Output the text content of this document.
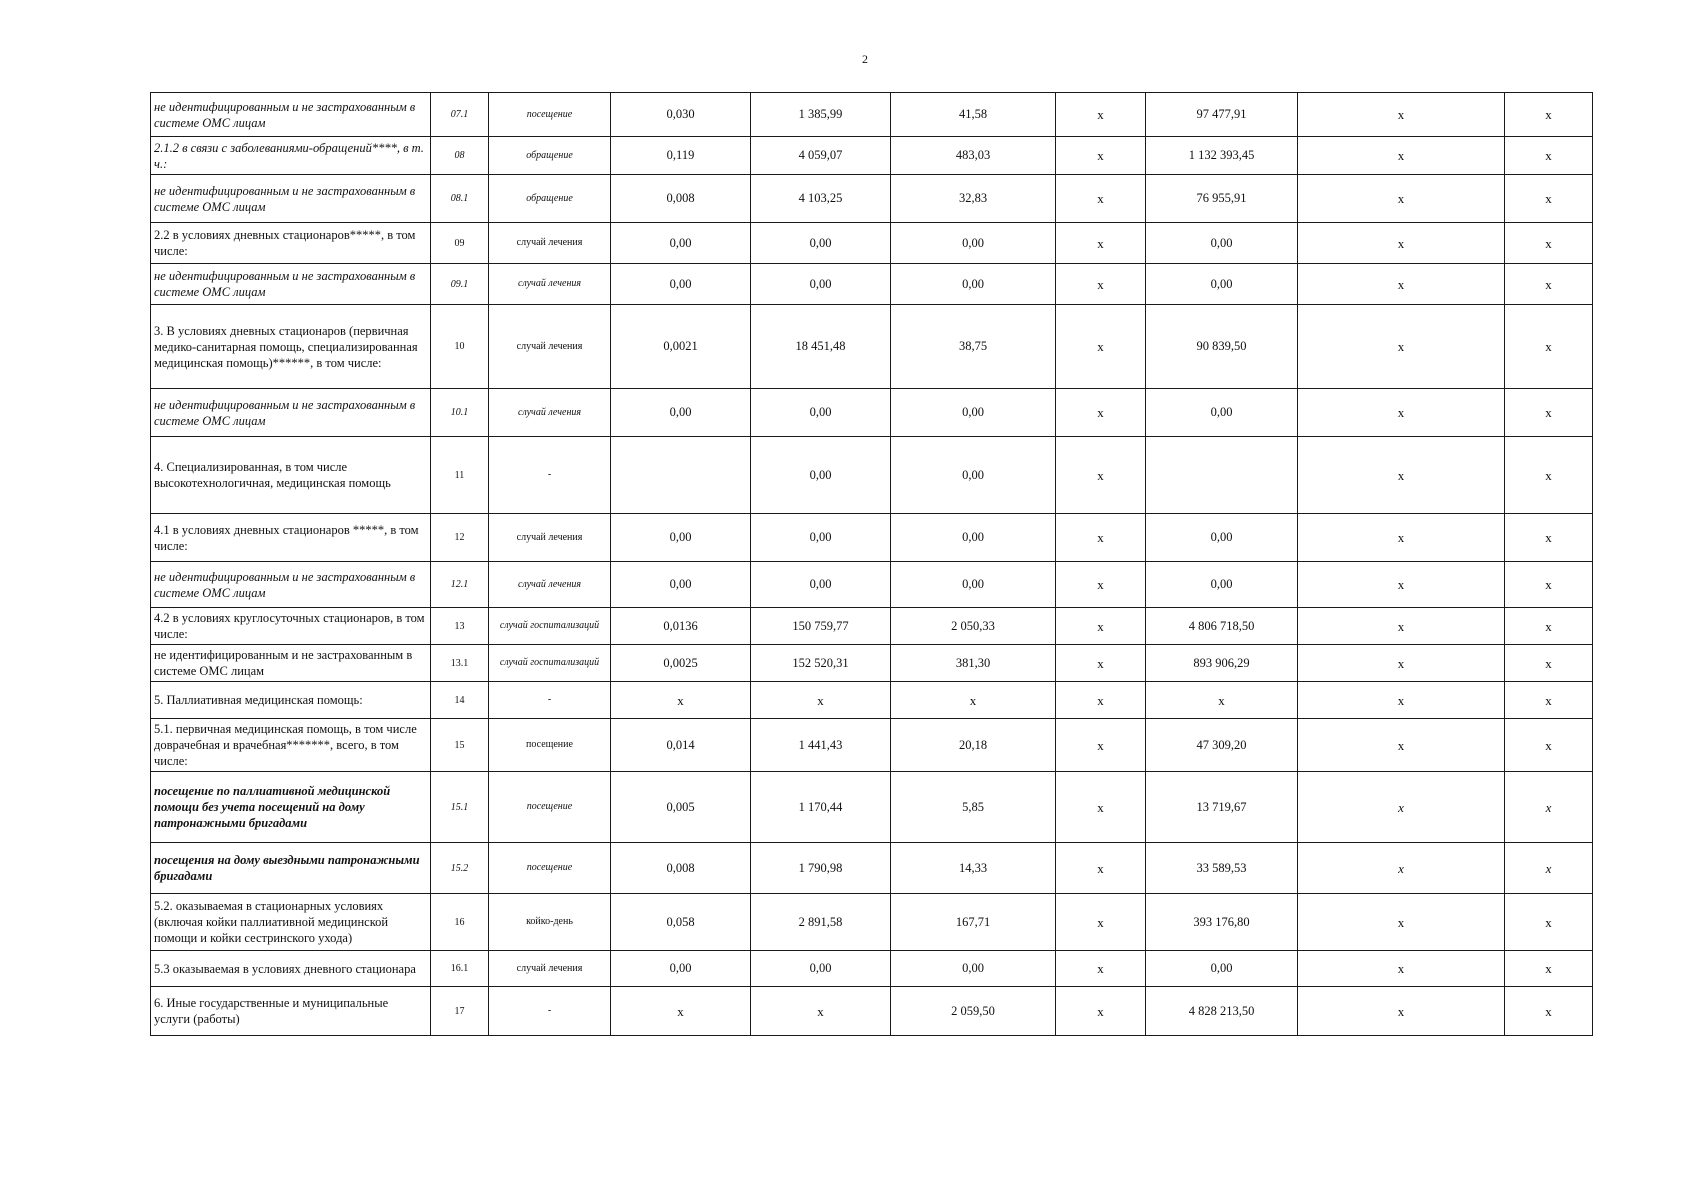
2
не идентифицированным и не застрахованным в системе ОМС лицам	07.1	посещение	0,030	1 385,99	41,58	х	97 477,91	х	х
2.1.2 в связи с заболеваниями-обращений****, в т. ч.:	08	обращение	0,119	4 059,07	483,03	х	1 132 393,45	х	х
не идентифицированным и не застрахованным в системе ОМС лицам	08.1	обращение	0,008	4 103,25	32,83	х	76 955,91	х	х
2.2 в условиях дневных стационаров*****, в том числе:	09	случай лечения	0,00	0,00	0,00	х	0,00	х	х
не идентифицированным и не застрахованным в системе ОМС лицам	09.1	случай лечения	0,00	0,00	0,00	х	0,00	х	х
3. В условиях дневных стационаров (первичная медико-санитарная помощь, специализированная медицинская помощь)******, в том числе:	10	случай лечения	0,0021	18 451,48	38,75	х	90 839,50	х	х
не идентифицированным и не застрахованным в системе ОМС лицам	10.1	случай лечения	0,00	0,00	0,00	х	0,00	х	х
4. Специализированная, в том числе высокотехнологичная, медицинская помощь	11	-		0,00	0,00	х		х	х
4.1 в условиях дневных стационаров *****, в том числе:	12	случай лечения	0,00	0,00	0,00	х	0,00	х	х
не идентифицированным и не застрахованным в системе ОМС лицам	12.1	случай лечения	0,00	0,00	0,00	х	0,00	х	х
4.2 в условиях круглосуточных стационаров, в том числе:	13	случай госпитализаций	0,0136	150 759,77	2 050,33	х	4 806 718,50	х	х
не идентифицированным и не застрахованным в системе ОМС лицам	13.1	случай госпитализаций	0,0025	152 520,31	381,30	х	893 906,29	х	х
5. Паллиативная медицинская помощь:	14	-	х	х	х	х	х	х	х
5.1. первичная медицинская помощь, в том числе доврачебная и врачебная*******, всего, в том числе:	15	посещение	0,014	1 441,43	20,18	х	47 309,20	х	х
посещение по паллиативной медицинской помощи без учета посещений на дому патронажными бригадами	15.1	посещение	0,005	1 170,44	5,85	х	13 719,67	х	х
посещения на дому выездными патронажными бригадами	15.2	посещение	0,008	1 790,98	14,33	х	33 589,53	х	х
5.2. оказываемая в стационарных условиях (включая койки паллиативной медицинской помощи и койки сестринского ухода)	16	койко-день	0,058	2 891,58	167,71	х	393 176,80	х	х
5.3 оказываемая в условиях дневного стационара	16.1	случай лечения	0,00	0,00	0,00	х	0,00	х	х
6. Иные государственные и муниципальные услуги (работы)	17	-	х	х	2 059,50	х	4 828 213,50	х	х
